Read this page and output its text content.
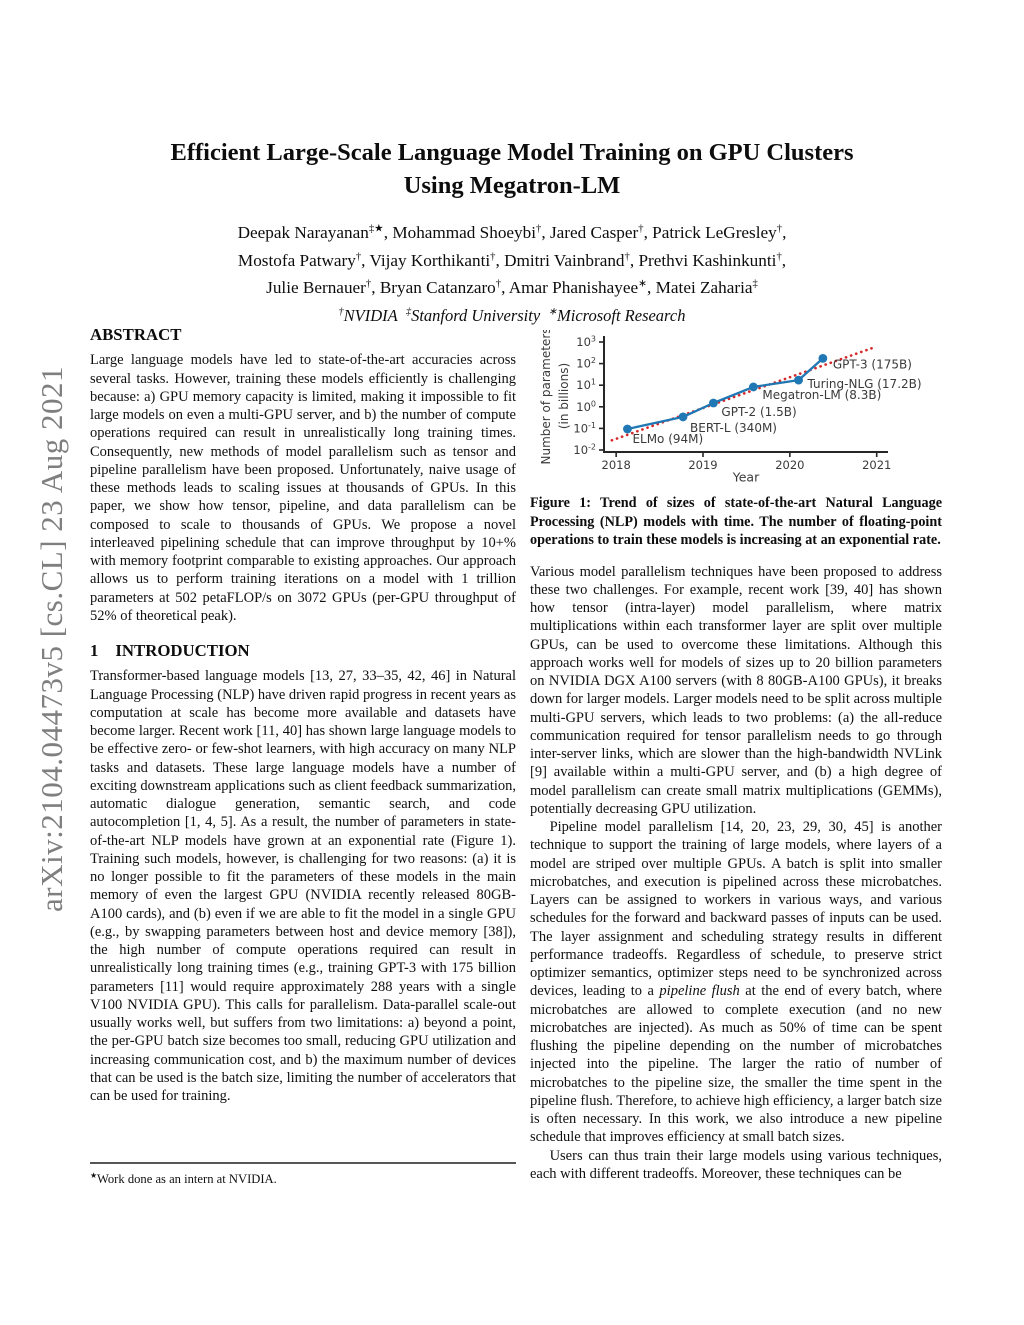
arXiv:2104.04473v5 [cs.CL] 23 Aug 2021
Efficient Large-Scale Language Model Training on GPU Clusters Using Megatron-LM
Deepak Narayanan‡★, Mohammad Shoeybi†, Jared Casper†, Patrick LeGresley†,
Mostofa Patwary†, Vijay Korthikanti†, Dmitri Vainbrand†, Prethvi Kashinkunti†,
Julie Bernauer†, Bryan Catanzaro†, Amar Phanishayee∗, Matei Zaharia‡
†NVIDIA  ‡Stanford University  ∗Microsoft Research
ABSTRACT

Large language models have led to state-of-the-art accuracies across several tasks. However, training these models efficiently is challenging because: a) GPU memory capacity is limited, making it impossible to fit large models on even a multi-GPU server, and b) the number of compute operations required can result in unrealistically long training times. Consequently, new methods of model parallelism such as tensor and pipeline parallelism have been proposed. Unfortunately, naive usage of these methods leads to scaling issues at thousands of GPUs. In this paper, we show how tensor, pipeline, and data parallelism can be composed to scale to thousands of GPUs. We propose a novel interleaved pipelining schedule that can improve throughput by 10+% with memory footprint comparable to existing approaches. Our approach allows us to perform training iterations on a model with 1 trillion parameters at 502 petaFLOP/s on 3072 GPUs (per-GPU throughput of 52% of theoretical peak).

1 INTRODUCTION

Transformer-based language models [13, 27, 33–35, 42, 46] in Natural Language Processing (NLP) have driven rapid progress in recent years as computation at scale has become more available and datasets have become larger. Recent work [11, 40] has shown large language models to be effective zero- or few-shot learners, with high accuracy on many NLP tasks and datasets. These large language models have a number of exciting downstream applications such as client feedback summarization, automatic dialogue generation, semantic search, and code autocompletion [1, 4, 5]. As a result, the number of parameters in state-of-the-art NLP models have grown at an exponential rate (Figure 1). Training such models, however, is challenging for two reasons: (a) it is no longer possible to fit the parameters of these models in the main memory of even the largest GPU (NVIDIA recently released 80GB-A100 cards), and (b) even if we are able to fit the model in a single GPU (e.g., by swapping parameters between host and device memory [38]), the high number of compute operations required can result in unrealistically long training times (e.g., training GPT-3 with 175 billion parameters [11] would require approximately 288 years with a single V100 NVIDIA GPU). This calls for parallelism. Data-parallel scale-out usually works well, but suffers from two limitations: a) beyond a point, the per-GPU batch size becomes too small, reducing GPU utilization and increasing communication cost, and b) the maximum number of devices that can be used is the batch size, limiting the number of accelerators that can be used for training.

$10^3$
$10^2$
$10^1$
$10^0$
$10^{-1}$
$10^{-2}$
2018	2019	2020	2021
Year
Number of parameters (in billions)
ELMo (94M)
BERT-L (340M)
GPT-2 (1.5B)
Megatron-LM (8.3B)
Turing-NLG (17.2B)
GPT-3 (175B)

Figure 1: Trend of sizes of state-of-the-art Natural Language Processing (NLP) models with time. The number of floating-point operations to train these models is increasing at an exponential rate.

Various model parallelism techniques have been proposed to address these two challenges. For example, recent work [39, 40] has shown how tensor (intra-layer) model parallelism, where matrix multiplications within each transformer layer are split over multiple GPUs, can be used to overcome these limitations. Although this approach works well for models of sizes up to 20 billion parameters on NVIDIA DGX A100 servers (with 8 80GB-A100 GPUs), it breaks down for larger models. Larger models need to be split across multiple multi-GPU servers, which leads to two problems: (a) the all-reduce communication required for tensor parallelism needs to go through inter-server links, which are slower than the high-bandwidth NVLink [9] available within a multi-GPU server, and (b) a high degree of model parallelism can create small matrix multiplications (GEMMs), potentially decreasing GPU utilization.

Pipeline model parallelism [14, 20, 23, 29, 30, 45] is another technique to support the training of large models, where layers of a model are striped over multiple GPUs. A batch is split into smaller microbatches, and execution is pipelined across these microbatches. Layers can be assigned to workers in various ways, and various schedules for the forward and backward passes of inputs can be used. The layer assignment and scheduling strategy results in different performance tradeoffs. Regardless of schedule, to preserve strict optimizer semantics, optimizer steps need to be synchronized across devices, leading to a pipeline flush at the end of every batch, where microbatches are allowed to complete execution (and no new microbatches are injected). As much as 50% of time can be spent flushing the pipeline depending on the number of microbatches injected into the pipeline. The larger the ratio of number of microbatches to the pipeline size, the smaller the time spent in the pipeline flush. Therefore, to achieve high efficiency, a larger batch size is often necessary. In this work, we also introduce a new pipeline schedule that improves efficiency at small batch sizes.

Users can thus train their large models using various techniques, each with different tradeoffs. Moreover, these techniques can be

★Work done as an intern at NVIDIA.
